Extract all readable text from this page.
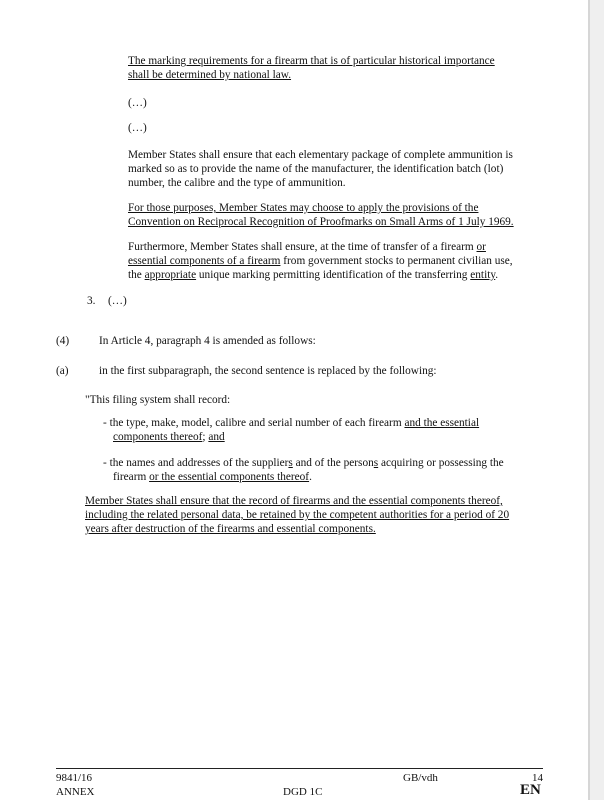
The marking requirements for a firearm that is of particular historical importance
shall be determined by national law.
(…)
(…)
Member States shall ensure that each elementary package of complete ammunition is
marked so as to provide the name of the manufacturer, the identification batch (lot)
number, the calibre and the type of ammunition.
For those purposes, Member States may choose to apply the provisions of the
Convention on Reciprocal Recognition of Proofmarks on Small Arms of 1 July 1969.
Furthermore, Member States shall ensure, at the time of transfer of a firearm or
essential components of a firearm from government stocks to permanent civilian use,
the appropriate unique marking permitting identification of the transferring entity.
3. (…)
(4)	In Article 4, paragraph 4 is amended as follows:
(a)	in the first subparagraph, the second sentence is replaced by the following:
"This filing system shall record:
- the type, make, model, calibre and serial number of each firearm and the essential
components thereof; and
- the names and addresses of the suppliers and of the persons acquiring or possessing the
firearm or the essential components thereof.
Member States shall ensure that the record of firearms and the essential components thereof,
including the related personal data, be retained by the competent authorities for a period of 20
years after destruction of the firearms and essential components.
9841/16	GB/vdh	14
ANNEX	DGD 1C	EN
